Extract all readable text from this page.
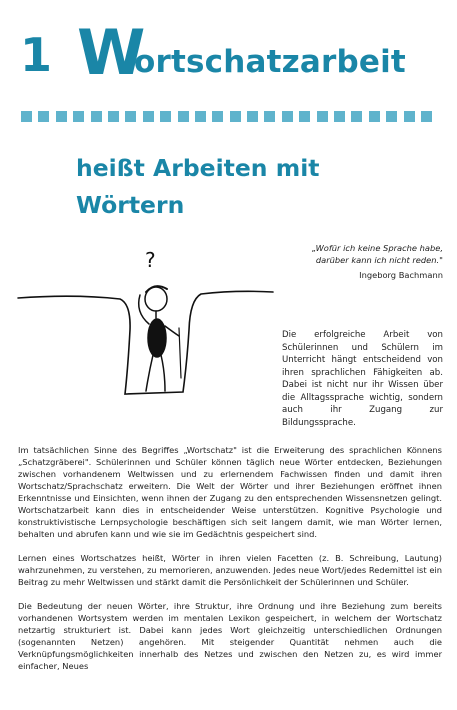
1 W
ortschatzarbeit
heißt Arbeiten mit
Wörtern
„Wofür ich keine Sprache habe,
darüber kann ich nicht reden."
Ingeborg Bachmann
?

Die erfolgreiche Arbeit von Schülerinnen und Schülern im Unterricht hängt entscheidend von ihren sprachlichen Fähigkeiten ab. Dabei ist nicht nur ihr Wissen über die Alltagssprache wichtig, sondern auch ihr Zugang zur Bildungssprache.

Im tatsächlichen Sinne des Begriffes „Wortschatz" ist die Erweiterung des sprachlichen Könnens „Schatzgräberei". Schülerinnen und Schüler können täglich neue Wörter entdecken, Beziehungen zwischen vorhandenem Weltwissen und zu erlernendem Fachwissen finden und damit ihren Wortschatz/Sprachschatz erweitern. Die Welt der Wörter und ihrer Beziehungen eröffnet ihnen Erkenntnisse und Einsichten, wenn ihnen der Zugang zu den entsprechenden Wissensnetzen gelingt. Wortschatzarbeit kann dies in entscheidender Weise unterstützen. Kognitive Psychologie und konstruktivistische Lernpsychologie beschäftigen sich seit langem damit, wie man Wörter lernen, behalten und abrufen kann und wie sie im Gedächtnis gespeichert sind.

Lernen eines Wortschatzes heißt, Wörter in ihren vielen Facetten (z. B. Schreibung, Lautung) wahrzunehmen, zu verstehen, zu memorieren, anzuwenden. Jedes neue Wort/jedes Redemittel ist ein Beitrag zu mehr Weltwissen und stärkt damit die Persönlichkeit der Schülerinnen und Schüler.

Die Bedeutung der neuen Wörter, ihre Struktur, ihre Ordnung und ihre Beziehung zum bereits vorhandenen Wortsystem werden im mentalen Lexikon gespeichert, in welchem der Wortschatz netzartig strukturiert ist. Dabei kann jedes Wort gleichzeitig unterschiedlichen Ordnungen (sogenannten Netzen) angehören. Mit steigender Quantität nehmen auch die Verknüpfungsmöglichkeiten innerhalb des Netzes und zwischen den Netzen zu, es wird immer einfacher, Neues
